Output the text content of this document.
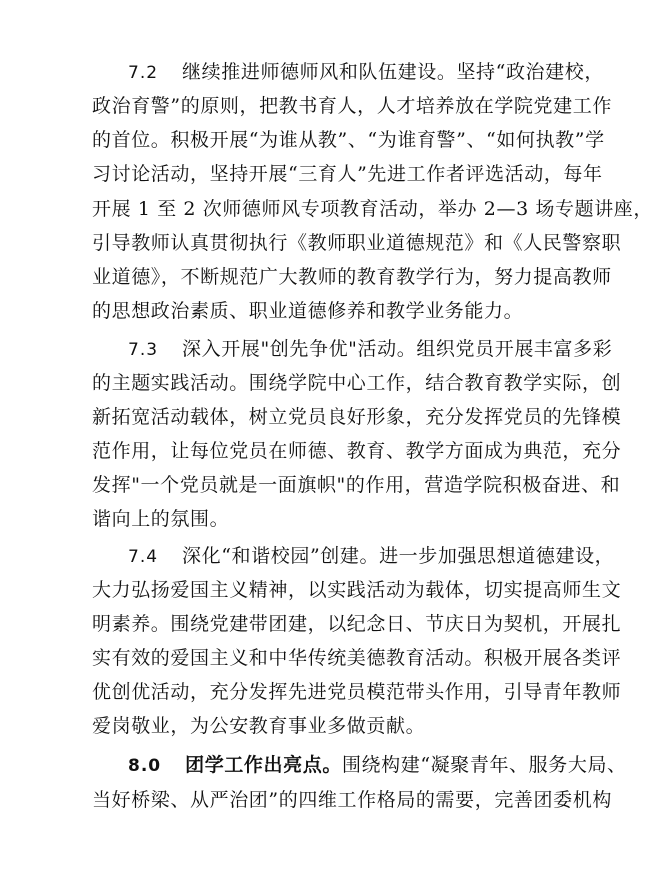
7.2 继续推进师德师风和队伍建设。坚持“政治建校，
政治育警”的原则，把教书育人，人才培养放在学院党建工作
的首位。积极开展“为谁从教”、“为谁育警”、“如何执教”学
习讨论活动，坚持开展“三育人”先进工作者评选活动，每年
开展 1 至 2 次师德师风专项教育活动，举办 2—3 场专题讲座，
引导教师认真贯彻执行《教师职业道德规范》和《人民警察职
业道德》，不断规范广大教师的教育教学行为，努力提高教师
的思想政治素质、职业道德修养和教学业务能力。
7.3 深入开展"创先争优"活动。组织党员开展丰富多彩
的主题实践活动。围绕学院中心工作，结合教育教学实际，创
新拓宽活动载体，树立党员良好形象，充分发挥党员的先锋模
范作用，让每位党员在师德、教育、教学方面成为典范，充分
发挥"一个党员就是一面旗帜"的作用，营造学院积极奋进、和
谐向上的氛围。
7.4 深化“和谐校园”创建。进一步加强思想道德建设，
大力弘扬爱国主义精神，以实践活动为载体，切实提高师生文
明素养。围绕党建带团建，以纪念日、节庆日为契机，开展扎
实有效的爱国主义和中华传统美德教育活动。积极开展各类评
优创优活动，充分发挥先进党员模范带头作用，引导青年教师
爱岗敬业，为公安教育事业多做贡献。
8.0 团学工作出亮点。围绕构建“凝聚青年、服务大局、
当好桥梁、从严治团”的四维工作格局的需要，完善团委机构
